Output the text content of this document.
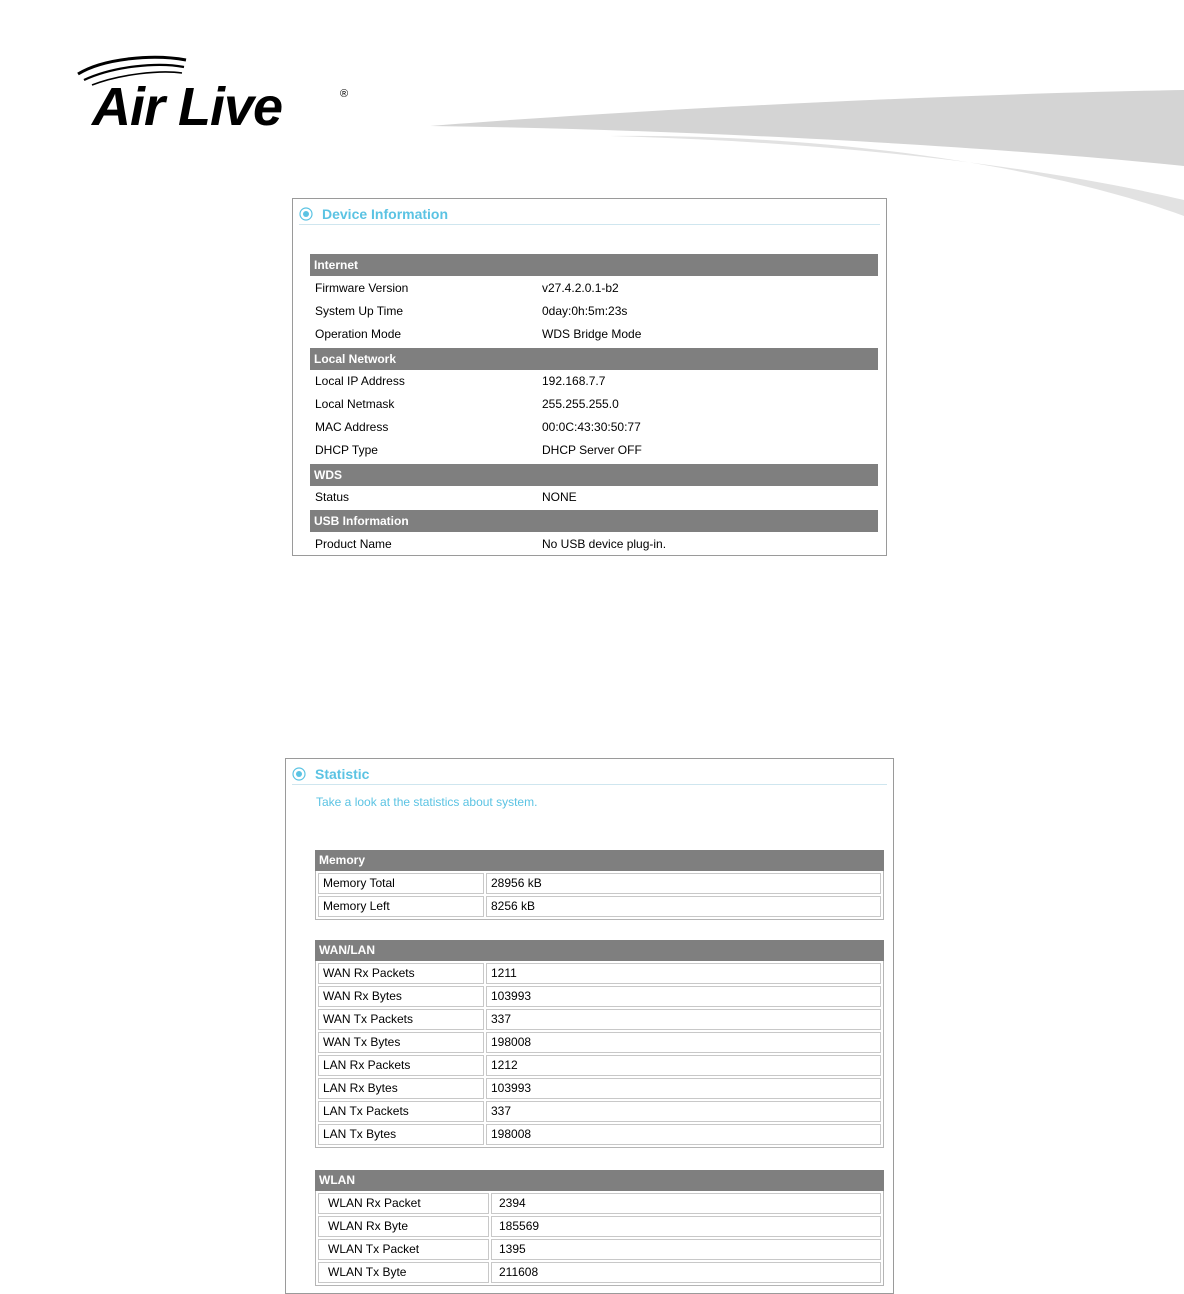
Air Live	®
Device Information
Internet
Firmware Version	v27.4.2.0.1-b2
System Up Time	0day:0h:5m:23s
Operation Mode	WDS Bridge Mode
Local Network
Local IP Address	192.168.7.7
Local Netmask	255.255.255.0
MAC Address	00:0C:43:30:50:77
DHCP Type	DHCP Server OFF
WDS
Status	NONE
USB Information
Product Name	No USB device plug-in.
Statistic
Take a look at the statistics about system.
Memory
Memory Total	28956 kB
Memory Left	8256 kB
WAN/LAN
WAN Rx Packets	1211
WAN Rx Bytes	103993
WAN Tx Packets	337
WAN Tx Bytes	198008
LAN Rx Packets	1212
LAN Rx Bytes	103993
LAN Tx Packets	337
LAN Tx Bytes	198008
WLAN
WLAN Rx Packet	2394
WLAN Rx Byte	185569
WLAN Tx Packet	1395
WLAN Tx Byte	211608
